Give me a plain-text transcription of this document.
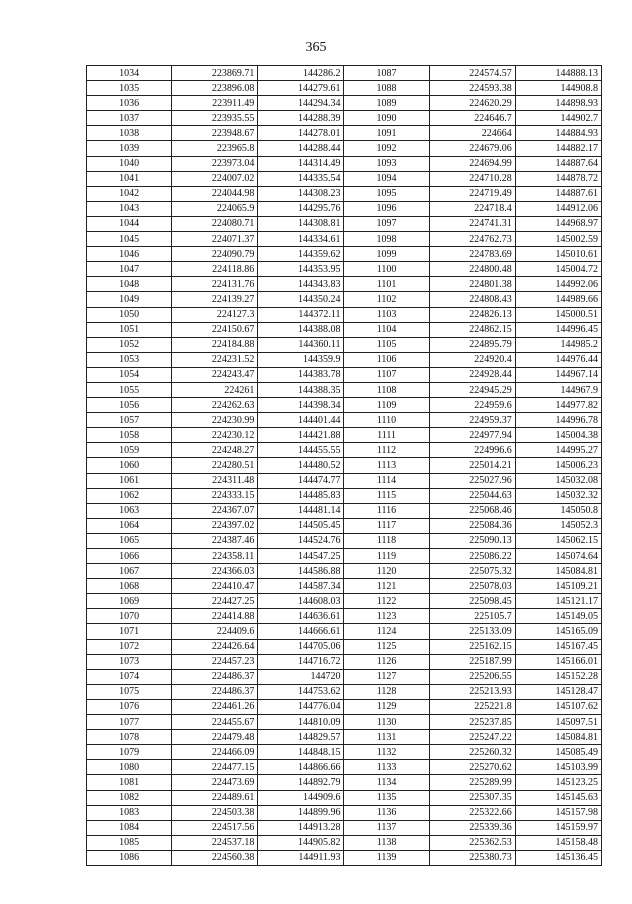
365
1034	223869.71	144286.2	1087	224574.57	144888.13
1035	223896.08	144279.61	1088	224593.38	144908.8
1036	223911.49	144294.34	1089	224620.29	144898.93
1037	223935.55	144288.39	1090	224646.7	144902.7
1038	223948.67	144278.01	1091	224664	144884.93
1039	223965.8	144288.44	1092	224679.06	144882.17
1040	223973.04	144314.49	1093	224694.99	144887.64
1041	224007.02	144335.54	1094	224710.28	144878.72
1042	224044.98	144308.23	1095	224719.49	144887.61
1043	224065.9	144295.76	1096	224718.4	144912.06
1044	224080.71	144308.81	1097	224741.31	144968.97
1045	224071.37	144334.61	1098	224762.73	145002.59
1046	224090.79	144359.62	1099	224783.69	145010.61
1047	224118.86	144353.95	1100	224800.48	145004.72
1048	224131.76	144343.83	1101	224801.38	144992.06
1049	224139.27	144350.24	1102	224808.43	144989.66
1050	224127.3	144372.11	1103	224826.13	145000.51
1051	224150.67	144388.08	1104	224862.15	144996.45
1052	224184.88	144360.11	1105	224895.79	144985.2
1053	224231.52	144359.9	1106	224920.4	144976.44
1054	224243.47	144383.78	1107	224928.44	144967.14
1055	224261	144388.35	1108	224945.29	144967.9
1056	224262.63	144398.34	1109	224959.6	144977.82
1057	224230.99	144401.44	1110	224959.37	144996.78
1058	224230.12	144421.88	1111	224977.94	145004.38
1059	224248.27	144455.55	1112	224996.6	144995.27
1060	224280.51	144480.52	1113	225014.21	145006.23
1061	224311.48	144474.77	1114	225027.96	145032.08
1062	224333.15	144485.83	1115	225044.63	145032.32
1063	224367.07	144481.14	1116	225068.46	145050.8
1064	224397.02	144505.45	1117	225084.36	145052.3
1065	224387.46	144524.76	1118	225090.13	145062.15
1066	224358.11	144547.25	1119	225086.22	145074.64
1067	224366.03	144586.88	1120	225075.32	145084.81
1068	224410.47	144587.34	1121	225078.03	145109.21
1069	224427.25	144608.03	1122	225098.45	145121.17
1070	224414.88	144636.61	1123	225105.7	145149.05
1071	224409.6	144666.61	1124	225133.09	145165.09
1072	224426.64	144705.06	1125	225162.15	145167.45
1073	224457.23	144716.72	1126	225187.99	145166.01
1074	224486.37	144720	1127	225206.55	145152.28
1075	224486.37	144753.62	1128	225213.93	145128.47
1076	224461.26	144776.04	1129	225221.8	145107.62
1077	224455.67	144810.09	1130	225237.85	145097.51
1078	224479.48	144829.57	1131	225247.22	145084.81
1079	224466.09	144848.15	1132	225260.32	145085.49
1080	224477.15	144866.66	1133	225270.62	145103.99
1081	224473.69	144892.79	1134	225289.99	145123.25
1082	224489.61	144909.6	1135	225307.35	145145.63
1083	224503.38	144899.96	1136	225322.66	145157.98
1084	224517.56	144913.28	1137	225339.36	145159.97
1085	224537.18	144905.82	1138	225362.53	145158.48
1086	224560.38	144911.93	1139	225380.73	145136.45
